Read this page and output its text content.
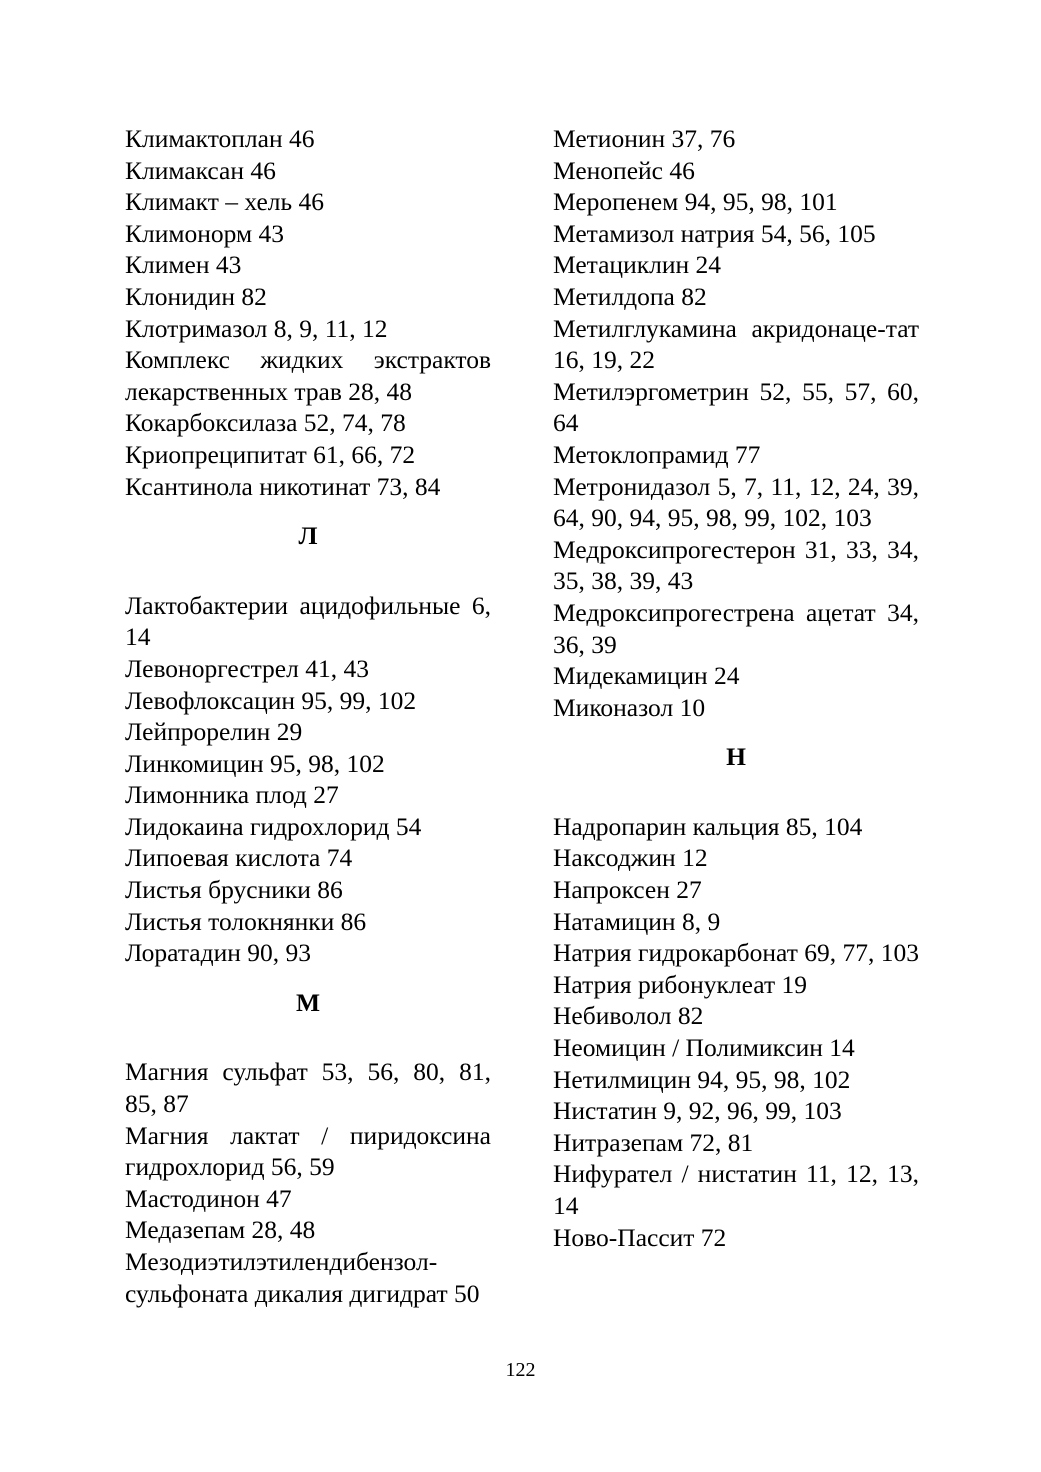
Климактоплан 46
Климаксан 46
Климакт – хель 46
Климонорм 43
Климен 43
Клонидин 82
Клотримазол 8, 9, 11, 12
Комплекс жидких экстрактов лекарственных трав 28, 48
Кокарбоксилаза 52, 74, 78
Криопреципитат 61, 66, 72
Ксантинола никотинат 73, 84
Л
Лактобактерии ацидофильные 6, 14
Левоноргестрел 41, 43
Левофлоксацин 95, 99, 102
Лейпрорелин 29
Линкомицин 95, 98, 102
Лимонника плод 27
Лидокаина гидрохлорид 54
Липоевая кислота 74
Листья брусники 86
Листья толокнянки 86
Лоратадин 90, 93
М
Магния сульфат 53, 56, 80, 81, 85, 87
Магния лактат / пиридоксина гидрохлорид 56, 59
Мастодинон 47
Медазепам 28, 48
Мезодиэтилэтилендибензол-сульфоната дикалия дигидрат 50
Метионин 37, 76
Менопейс 46
Меропенем 94, 95, 98, 101
Метамизол натрия 54, 56, 105
Метациклин 24
Метилдопа 82
Метилглукамина акридонаце-тат 16, 19, 22
Метилэргометрин 52, 55, 57, 60, 64
Метоклопрамид 77
Метронидазол 5, 7, 11, 12, 24, 39, 64, 90, 94, 95, 98, 99, 102, 103
Медроксипрогестерон 31, 33, 34, 35, 38, 39, 43
Медроксипрогестрена ацетат 34, 36, 39
Мидекамицин 24
Миконазол 10
Н
Надропарин кальция 85, 104
Наксоджин 12
Напроксен 27
Натамицин 8, 9
Натрия гидрокарбонат 69, 77, 103
Натрия рибонуклеат 19
Небиволол 82
Неомицин / Полимиксин 14
Нетилмицин 94, 95, 98, 102
Нистатин 9, 92, 96, 99, 103
Нитразепам 72, 81
Нифурател / нистатин 11, 12, 13, 14
Ново-Пассит 72
122
